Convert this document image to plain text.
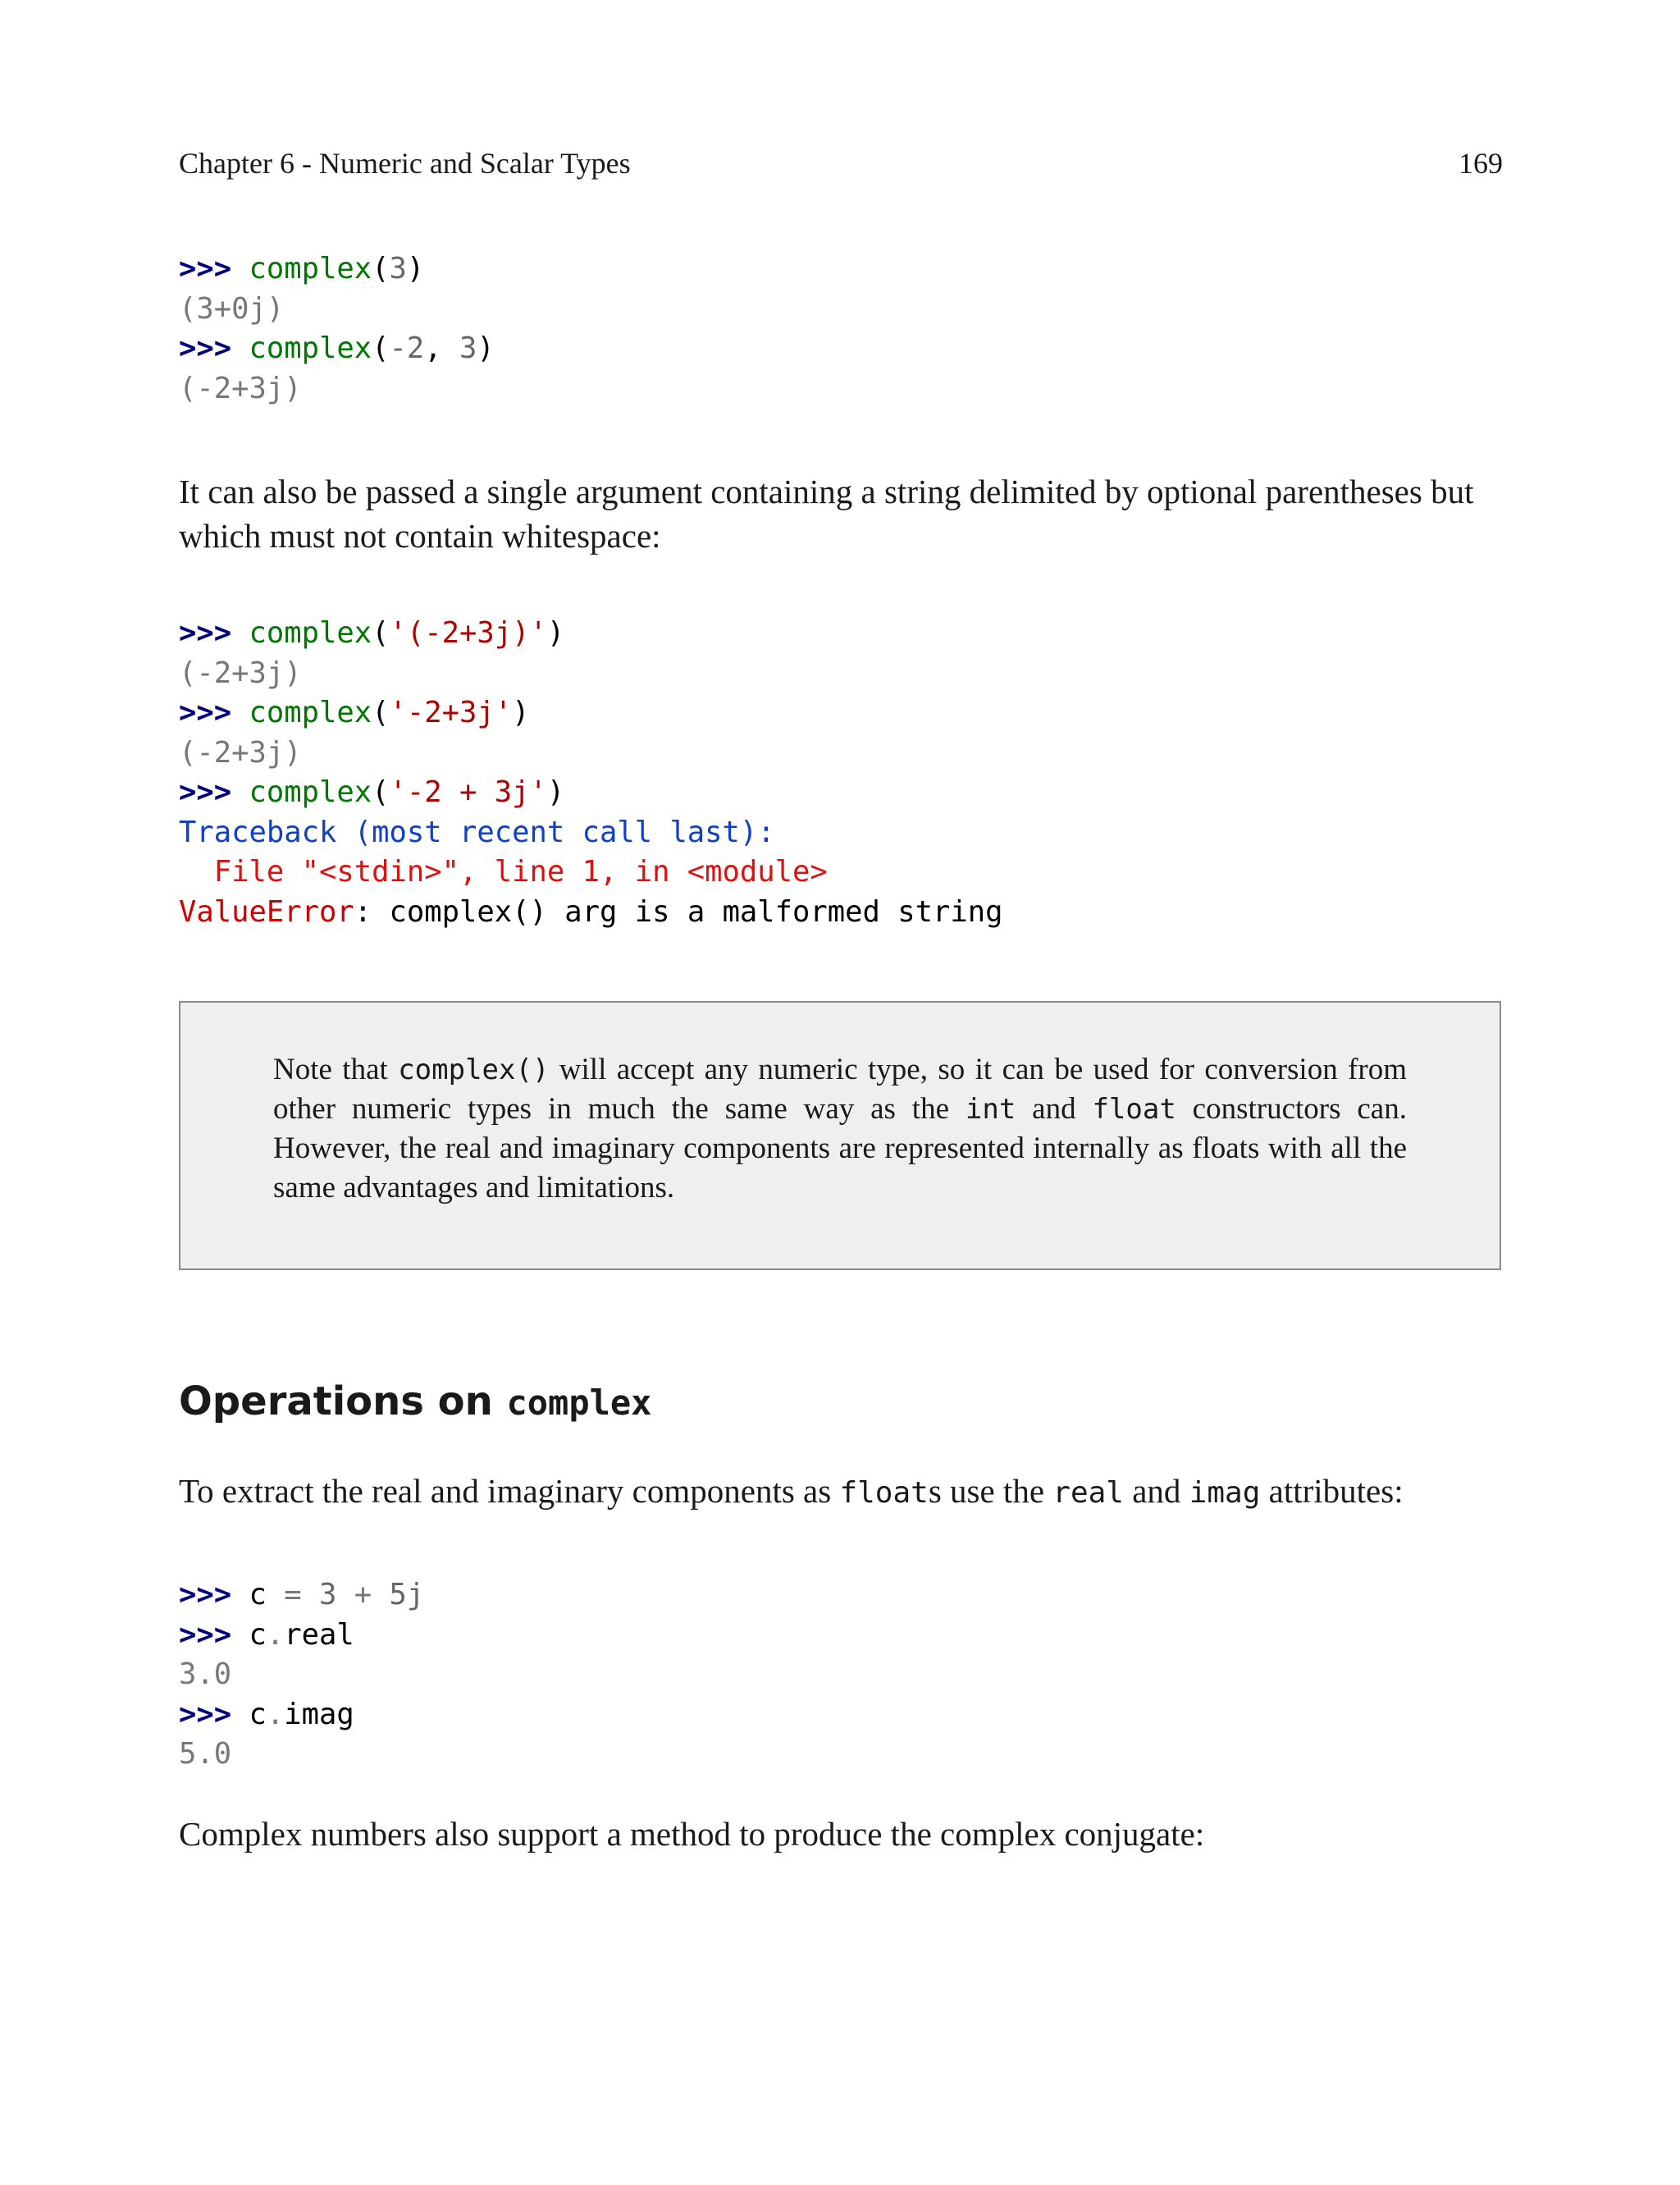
Chapter 6 - Numeric and Scalar Types	169
>>> complex(3)
(3+0j)
>>> complex(-2, 3)
(-2+3j)

It can also be passed a single argument containing a string delimited by optional parentheses but which must not contain whitespace:

>>> complex('(-2+3j)')
(-2+3j)
>>> complex('-2+3j')
(-2+3j)
>>> complex('-2 + 3j')
Traceback (most recent call last):
File "<stdin>", line 1, in <module>
ValueError: complex() arg is a malformed string

Note that complex() will accept any numeric type, so it can be used for conversion from other numeric types in much the same way as the int and float constructors can. However, the real and imaginary components are represented internally as floats with all the same advantages and limitations.

Operations on complex

To extract the real and imaginary components as floats use the real and imag attributes:

>>> c = 3 + 5j
>>> c.real
3.0
>>> c.imag
5.0

Complex numbers also support a method to produce the complex conjugate:
